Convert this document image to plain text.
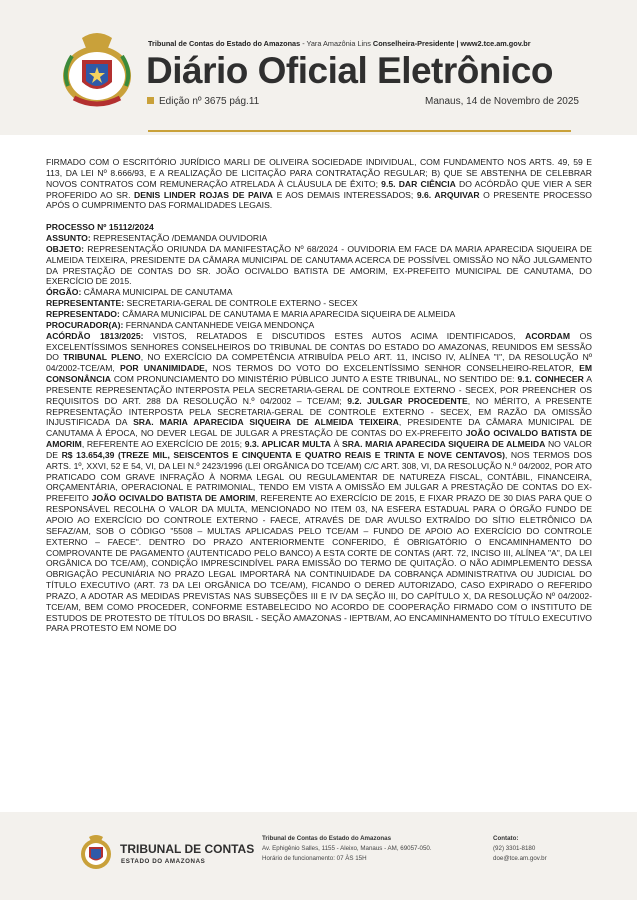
Tribunal de Contas do Estado do Amazonas - Yara Amazônia Lins Conselheira-Presidente | www2.tce.am.gov.br
Diário Oficial Eletrônico
Edição nº 3675 pág.11	Manaus, 14 de Novembro de 2025

FIRMADO COM O ESCRITÓRIO JURÍDICO MARLI DE OLIVEIRA SOCIEDADE INDIVIDUAL, COM FUNDAMENTO NOS ARTS. 49, 59 E 113, DA LEI Nº 8.666/93, E A REALIZAÇÃO DE LICITAÇÃO PARA CONTRATAÇÃO REGULAR; B) QUE SE ABSTENHA DE CELEBRAR NOVOS CONTRATOS COM REMUNERAÇÃO ATRELADA À CLÁUSULA DE ÊXITO; 9.5. DAR CIÊNCIA DO ACÓRDÃO QUE VIER A SER PROFERIDO AO SR. DENIS LINDER ROJAS DE PAIVA E AOS DEMAIS INTERESSADOS; 9.6. ARQUIVAR O PRESENTE PROCESSO APÓS O CUMPRIMENTO DAS FORMALIDADES LEGAIS.

PROCESSO Nº 15112/2024

ASSUNTO: REPRESENTAÇÃO /DEMANDA OUVIDORIA

OBJETO: REPRESENTAÇÃO ORIUNDA DA MANIFESTAÇÃO Nº 68/2024 - OUVIDORIA EM FACE DA MARIA APARECIDA SIQUEIRA DE ALMEIDA TEIXEIRA, PRESIDENTE DA CÂMARA MUNICIPAL DE CANUTAMA ACERCA DE POSSÍVEL OMISSÃO NO NÃO JULGAMENTO DA PRESTAÇÃO DE CONTAS DO SR. JOÃO OCIVALDO BATISTA DE AMORIM, EX-PREFEITO MUNICIPAL DE CANUTAMA, DO EXERCÍCIO DE 2015.

ÓRGÃO: CÂMARA MUNICIPAL DE CANUTAMA

REPRESENTANTE: SECRETARIA-GERAL DE CONTROLE EXTERNO - SECEX

REPRESENTADO: CÂMARA MUNICIPAL DE CANUTAMA E MARIA APARECIDA SIQUEIRA DE ALMEIDA

PROCURADOR(A): FERNANDA CANTANHEDE VEIGA MENDONÇA

ACÓRDÃO 1813/2025: VISTOS, RELATADOS E DISCUTIDOS ESTES AUTOS ACIMA IDENTIFICADOS, ACORDAM OS EXCELENTÍSSIMOS SENHORES CONSELHEIROS DO TRIBUNAL DE CONTAS DO ESTADO DO AMAZONAS, REUNIDOS EM SESSÃO DO TRIBUNAL PLENO, NO EXERCÍCIO DA COMPETÊNCIA ATRIBUÍDA PELO ART. 11, INCISO IV, ALÍNEA "I", DA RESOLUÇÃO Nº 04/2002-TCE/AM, POR UNANIMIDADE, NOS TERMOS DO VOTO DO EXCELENTÍSSIMO SENHOR CONSELHEIRO-RELATOR, EM CONSONÂNCIA COM PRONUNCIAMENTO DO MINISTÉRIO PÚBLICO JUNTO A ESTE TRIBUNAL, NO SENTIDO DE: 9.1. CONHECER A PRESENTE REPRESENTAÇÃO INTERPOSTA PELA SECRETARIA-GERAL DE CONTROLE EXTERNO - SECEX, POR PREENCHER OS REQUISITOS DO ART. 288 DA RESOLUÇÃO N.º 04/2002 – TCE/AM; 9.2. JULGAR PROCEDENTE, NO MÉRITO, A PRESENTE REPRESENTAÇÃO INTERPOSTA PELA SECRETARIA-GERAL DE CONTROLE EXTERNO - SECEX, EM RAZÃO DA OMISSÃO INJUSTIFICADA DA SRA. MARIA APARECIDA SIQUEIRA DE ALMEIDA TEIXEIRA, PRESIDENTE DA CÂMARA MUNICIPAL DE CANUTAMA À ÉPOCA, NO DEVER LEGAL DE JULGAR A PRESTAÇÃO DE CONTAS DO EX-PREFEITO JOÃO OCIVALDO BATISTA DE AMORIM, REFERENTE AO EXERCÍCIO DE 2015; 9.3. APLICAR MULTA À SRA. MARIA APARECIDA SIQUEIRA DE ALMEIDA NO VALOR DE R$ 13.654,39 (TREZE MIL, SEISCENTOS E CINQUENTA E QUATRO REAIS E TRINTA E NOVE CENTAVOS), NOS TERMOS DOS ARTS. 1º, XXVI, 52 E 54, VI, DA LEI N.º 2423/1996 (LEI ORGÂNICA DO TCE/AM) C/C ART. 308, VI, DA RESOLUÇÃO N.º 04/2002, POR ATO PRATICADO COM GRAVE INFRAÇÃO À NORMA LEGAL OU REGULAMENTAR DE NATUREZA FISCAL, CONTÁBIL, FINANCEIRA, ORÇAMENTÁRIA, OPERACIONAL E PATRIMONIAL, TENDO EM VISTA A OMISSÃO EM JULGAR A PRESTAÇÃO DE CONTAS DO EX-PREFEITO JOÃO OCIVALDO BATISTA DE AMORIM, REFERENTE AO EXERCÍCIO DE 2015, E FIXAR PRAZO DE 30 DIAS PARA QUE O RESPONSÁVEL RECOLHA O VALOR DA MULTA, MENCIONADO NO ITEM 03, NA ESFERA ESTADUAL PARA O ÓRGÃO FUNDO DE APOIO AO EXERCÍCIO DO CONTROLE EXTERNO - FAECE, ATRAVÉS DE DAR AVULSO EXTRAÍDO DO SÍTIO ELETRÔNICO DA SEFAZ/AM, SOB O CÓDIGO "5508 – MULTAS APLICADAS PELO TCE/AM – FUNDO DE APOIO AO EXERCÍCIO DO CONTROLE EXTERNO – FAECE". DENTRO DO PRAZO ANTERIORMENTE CONFERIDO, É OBRIGATÓRIO O ENCAMINHAMENTO DO COMPROVANTE DE PAGAMENTO (AUTENTICADO PELO BANCO) A ESTA CORTE DE CONTAS (ART. 72, INCISO III, ALÍNEA "A", DA LEI ORGÂNICA DO TCE/AM), CONDIÇÃO IMPRESCINDÍVEL PARA EMISSÃO DO TERMO DE QUITAÇÃO. O NÃO ADIMPLEMENTO DESSA OBRIGAÇÃO PECUNIÁRIA NO PRAZO LEGAL IMPORTARÁ NA CONTINUIDADE DA COBRANÇA ADMINISTRATIVA OU JUDICIAL DO TÍTULO EXECUTIVO (ART. 73 DA LEI ORGÂNICA DO TCE/AM), FICANDO O DERED AUTORIZADO, CASO EXPIRADO O REFERIDO PRAZO, A ADOTAR AS MEDIDAS PREVISTAS NAS SUBSEÇÕES III E IV DA SEÇÃO III, DO CAPÍTULO X, DA RESOLUÇÃO Nº 04/2002-TCE/AM, BEM COMO PROCEDER, CONFORME ESTABELECIDO NO ACORDO DE COOPERAÇÃO FIRMADO COM O INSTITUTO DE ESTUDOS DE PROTESTO DE TÍTULOS DO BRASIL - SEÇÃO AMAZONAS - IEPTB/AM, AO ENCAMINHAMENTO DO TÍTULO EXECUTIVO PARA PROTESTO EM NOME DO

TRIBUNAL DE CONTAS
ESTADO DO AMAZONAS
Tribunal de Contas do Estado do Amazonas
Av. Ephigênio Salles, 1155 - Aleixo, Manaus - AM, 69057-050.
Horário de funcionamento: 07 ÀS 15H
Contato:
(92) 3301-8180
doe@tce.am.gov.br
